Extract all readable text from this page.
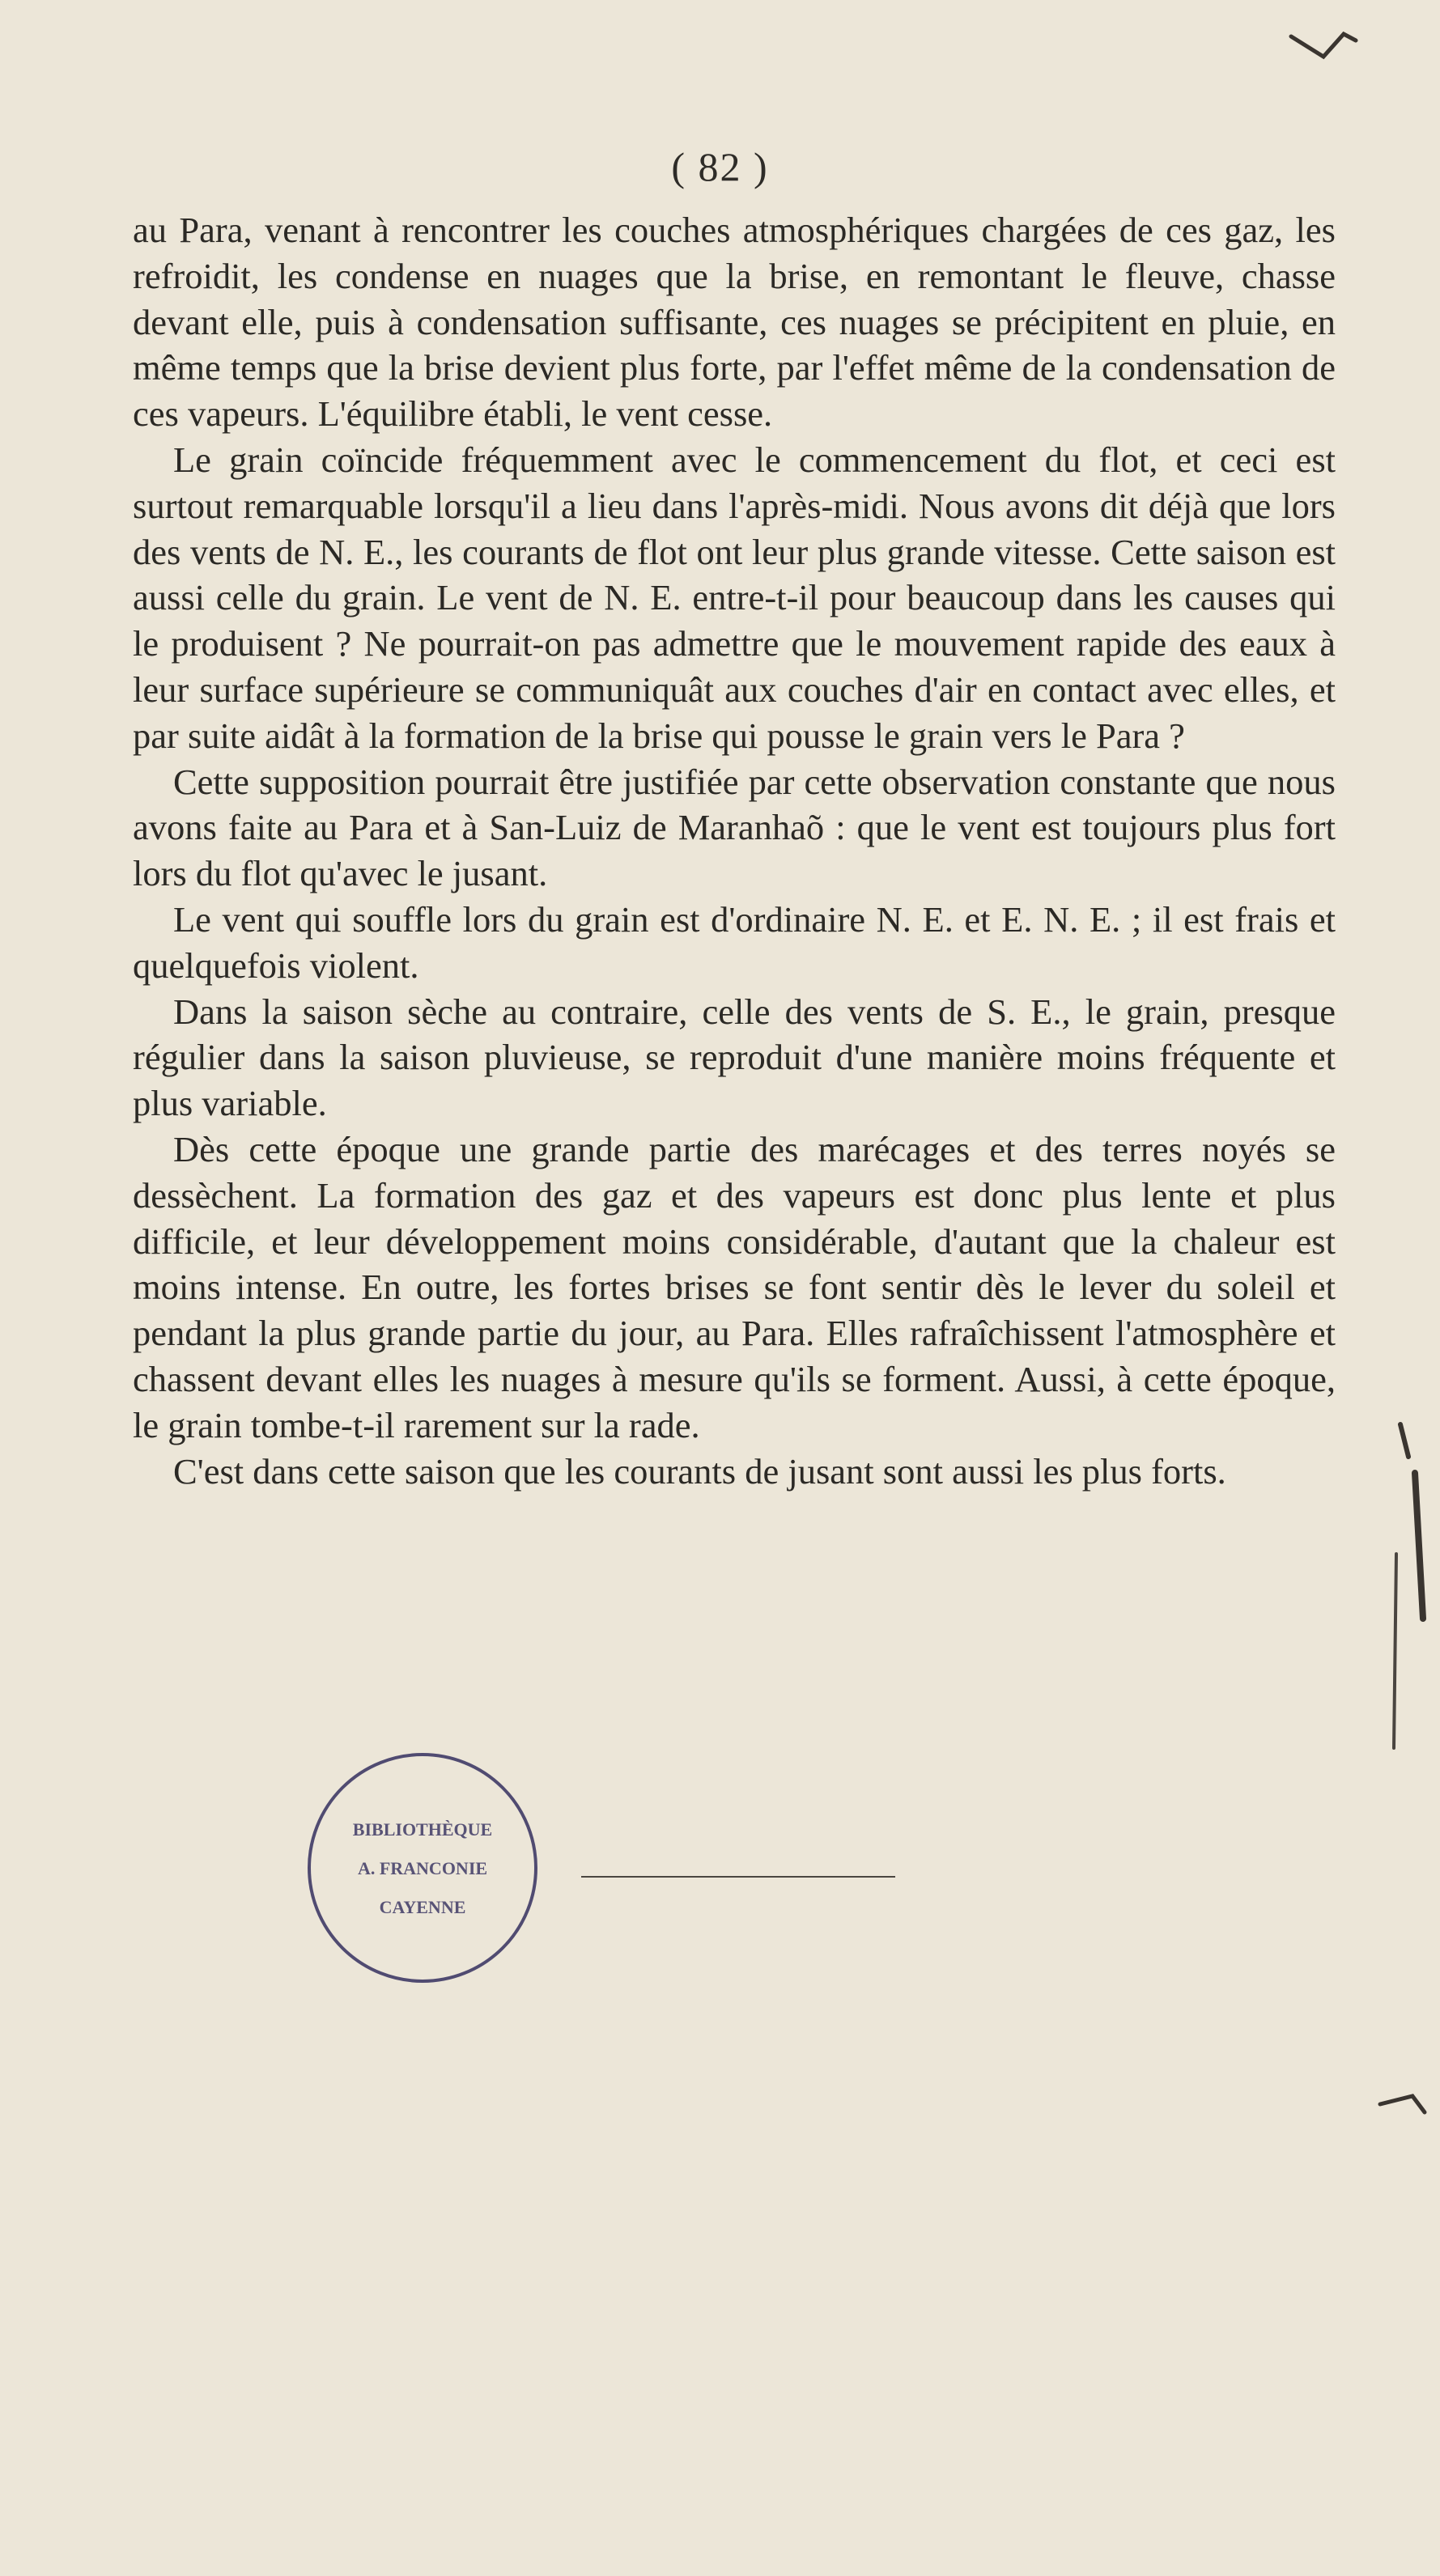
( 82 )

au Para, venant à rencontrer les couches atmosphériques chargées de ces gaz, les refroidit, les condense en nuages que la brise, en remontant le fleuve, chasse devant elle, puis à condensation suffisante, ces nuages se précipitent en pluie, en même temps que la brise devient plus forte, par l'effet même de la condensation de ces vapeurs. L'équilibre établi, le vent cesse.

Le grain coïncide fréquemment avec le commencement du flot, et ceci est surtout remarquable lorsqu'il a lieu dans l'après-midi. Nous avons dit déjà que lors des vents de N. E., les courants de flot ont leur plus grande vitesse. Cette saison est aussi celle du grain. Le vent de N. E. entre-t-il pour beaucoup dans les causes qui le produisent ? Ne pourrait-on pas admettre que le mouvement rapide des eaux à leur surface supérieure se communiquât aux couches d'air en contact avec elles, et par suite aidât à la formation de la brise qui pousse le grain vers le Para ?

Cette supposition pourrait être justifiée par cette observation constante que nous avons faite au Para et à San-Luiz de Maranhaõ : que le vent est toujours plus fort lors du flot qu'avec le jusant.

Le vent qui souffle lors du grain est d'ordinaire N. E. et E. N. E. ; il est frais et quelquefois violent.

Dans la saison sèche au contraire, celle des vents de S. E., le grain, presque régulier dans la saison pluvieuse, se reproduit d'une manière moins fréquente et plus variable.

Dès cette époque une grande partie des marécages et des terres noyés se dessèchent. La formation des gaz et des vapeurs est donc plus lente et plus difficile, et leur développement moins considérable, d'autant que la chaleur est moins intense. En outre, les fortes brises se font sentir dès le lever du soleil et pendant la plus grande partie du jour, au Para. Elles rafraîchissent l'atmosphère et chassent devant elles les nuages à mesure qu'ils se forment. Aussi, à cette époque, le grain tombe-t-il rarement sur la rade.

C'est dans cette saison que les courants de jusant sont aussi les plus forts.

BIBLIOTHÈQUE
A. FRANCONIE
CAYENNE
